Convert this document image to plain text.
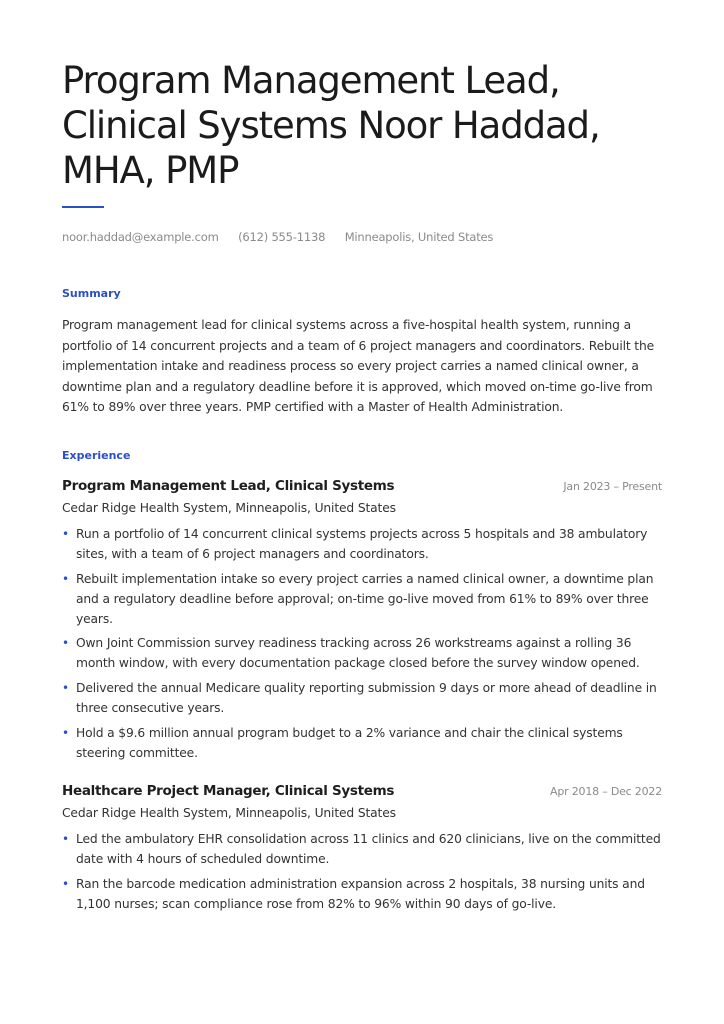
Program Management Lead, Clinical Systems Noor Haddad, MHA, PMP
noor.haddad@example.com (612) 555-1138 Minneapolis, United States
Summary

Program management lead for clinical systems across a five-hospital health system, running a portfolio of 14 concurrent projects and a team of 6 project managers and coordinators. Rebuilt the implementation intake and readiness process so every project carries a named clinical owner, a downtime plan and a regulatory deadline before it is approved, which moved on-time go-live from 61% to 89% over three years. PMP certified with a Master of Health Administration.

Experience
Program Management Lead, Clinical Systems	Jan 2023 – Present
Cedar Ridge Health System, Minneapolis, United States
• Run a portfolio of 14 concurrent clinical systems projects across 5 hospitals and 38 ambulatory sites, with a team of 6 project managers and coordinators.
• Rebuilt implementation intake so every project carries a named clinical owner, a downtime plan and a regulatory deadline before approval; on-time go-live moved from 61% to 89% over three years.
• Own Joint Commission survey readiness tracking across 26 workstreams against a rolling 36 month window, with every documentation package closed before the survey window opened.
• Delivered the annual Medicare quality reporting submission 9 days or more ahead of deadline in three consecutive years.
• Hold a $9.6 million annual program budget to a 2% variance and chair the clinical systems steering committee.
Healthcare Project Manager, Clinical Systems	Apr 2018 – Dec 2022
Cedar Ridge Health System, Minneapolis, United States
• Led the ambulatory EHR consolidation across 11 clinics and 620 clinicians, live on the committed date with 4 hours of scheduled downtime.
• Ran the barcode medication administration expansion across 2 hospitals, 38 nursing units and 1,100 nurses; scan compliance rose from 82% to 96% within 90 days of go-live.
